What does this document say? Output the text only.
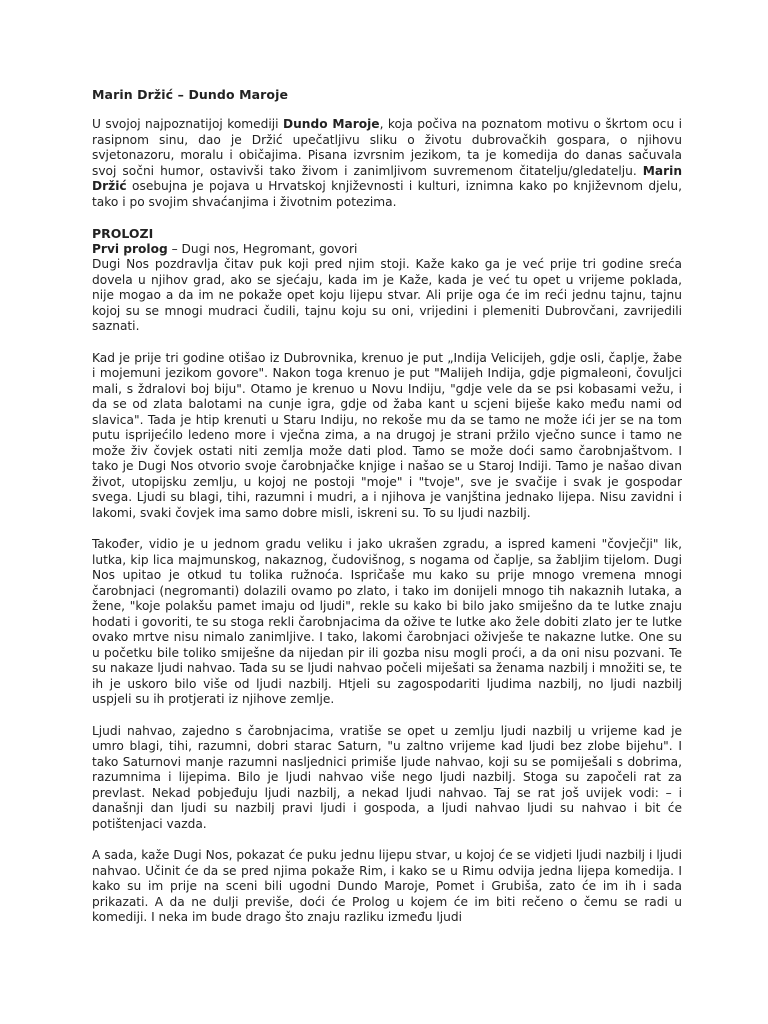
Marin Držić – Dundo Maroje

U svojoj najpoznatijoj komediji Dundo Maroje, koja počiva na poznatom motivu o škrtom ocu i rasipnom sinu, dao je Držić upečatljivu sliku o životu dubrovačkih gospara, o njihovu svjetonazoru, moralu i običajima. Pisana izvrsnim jezikom, ta je komedija do danas sačuvala svoj sočni humor, ostavivši tako živom i zanimljivom suvremenom čitatelju/gledatelju. Marin Držić osebujna je pojava u Hrvatskoj književnosti i kulturi, iznimna kako po književnom djelu, tako i po svojim shvaćanjima i životnim potezima.

PROLOZI
Prvi prolog – Dugi nos, Hegromant, govori

Dugi Nos pozdravlja čitav puk koji pred njim stoji. Kaže kako ga je već prije tri godine sreća dovela u njihov grad, ako se sjećaju, kada im je Kaže, kada je već tu opet u vrijeme poklada, nije mogao a da im ne pokaže opet koju lijepu stvar. Ali prije oga će im reći jednu tajnu, tajnu kojoj su se mnogi mudraci čudili, tajnu koju su oni, vrijedini i plemeniti Dubrovčani, zavrijedili saznati.

Kad je prije tri godine otišao iz Dubrovnika, krenuo je put „Indija Velicijeh, gdje osli, čaplje, žabe i mojemuni jezikom govore". Nakon toga krenuo je put "Malijeh Indija, gdje pigmaleoni, čovuljci mali, s ždralovi boj biju". Otamo je krenuo u Novu Indiju, "gdje vele da se psi kobasami vežu, i da se od zlata balotami na cunje igra, gdje od žaba kant u scjeni biješe kako među nami od slavica". Tada je htip krenuti u Staru Indiju, no rekoše mu da se tamo ne može ići jer se na tom putu isprijećilo ledeno more i vječna zima, a na drugoj je strani pržilo vječno sunce i tamo ne može živ čovjek ostati niti zemlja može dati plod. Tamo se može doći samo čarobnjaštvom. I tako je Dugi Nos otvorio svoje čarobnjačke knjige i našao se u Staroj Indiji. Tamo je našao divan život, utopijsku zemlju, u kojoj ne postoji "moje" i "tvoje", sve je svačije i svak je gospodar svega. Ljudi su blagi, tihi, razumni i mudri, a i njihova je vanjština jednako lijepa. Nisu zavidni i lakomi, svaki čovjek ima samo dobre misli, iskreni su. To su ljudi nazbilj.

Također, vidio je u jednom gradu veliku i jako ukrašen zgradu, a ispred kameni "čovječji" lik, lutka, kip lica majmunskog, nakaznog, čudovišnog, s nogama od čaplje, sa žabljim tijelom. Dugi Nos upitao je otkud tu tolika ružnoća. Ispričaše mu kako su prije mnogo vremena mnogi čarobnjaci (negromanti) dolazili ovamo po zlato, i tako im donijeli mnogo tih nakaznih lutaka, a žene, "koje polakšu pamet imaju od ljudi", rekle su kako bi bilo jako smiješno da te lutke znaju hodati i govoriti, te su stoga rekli čarobnjacima da ožive te lutke ako žele dobiti zlato jer te lutke ovako mrtve nisu nimalo zanimljive. I tako, lakomi čarobnjaci oživješe te nakazne lutke. One su u početku bile toliko smiješne da nijedan pir ili gozba nisu mogli proći, a da oni nisu pozvani. Te su nakaze ljudi nahvao. Tada su se ljudi nahvao počeli miješati sa ženama nazbilj i množiti se, te ih je uskoro bilo više od ljudi nazbilj. Htjeli su zagospodariti ljudima nazbilj, no ljudi nazbilj uspjeli su ih protjerati iz njihove zemlje.

Ljudi nahvao, zajedno s čarobnjacima, vratiše se opet u zemlju ljudi nazbilj u vrijeme kad je umro blagi, tihi, razumni, dobri starac Saturn, "u zaltno vrijeme kad ljudi bez zlobe bijehu". I tako Saturnovi manje razumni nasljednici primiše ljude nahvao, koji su se pomiješali s dobrima, razumnima i lijepima. Bilo je ljudi nahvao više nego ljudi nazbilj. Stoga su započeli rat za prevlast. Nekad pobjeđuju ljudi nazbilj, a nekad ljudi nahvao. Taj se rat još uvijek vodi: – i današnji dan ljudi su nazbilj pravi ljudi i gospoda, a ljudi nahvao ljudi su nahvao i bit će potištenjaci vazda.

A sada, kaže Dugi Nos, pokazat će puku jednu lijepu stvar, u kojoj će se vidjeti ljudi nazbilj i ljudi nahvao. Učinit će da se pred njima pokaže Rim, i kako se u Rimu odvija jedna lijepa komedija. I kako su im prije na sceni bili ugodni Dundo Maroje, Pomet i Grubiša, zato će im ih i sada prikazati. A da ne dulji previše, doći će Prolog u kojem će im biti rečeno o čemu se radi u komediji. I neka im bude drago što znaju razliku između ljudi
